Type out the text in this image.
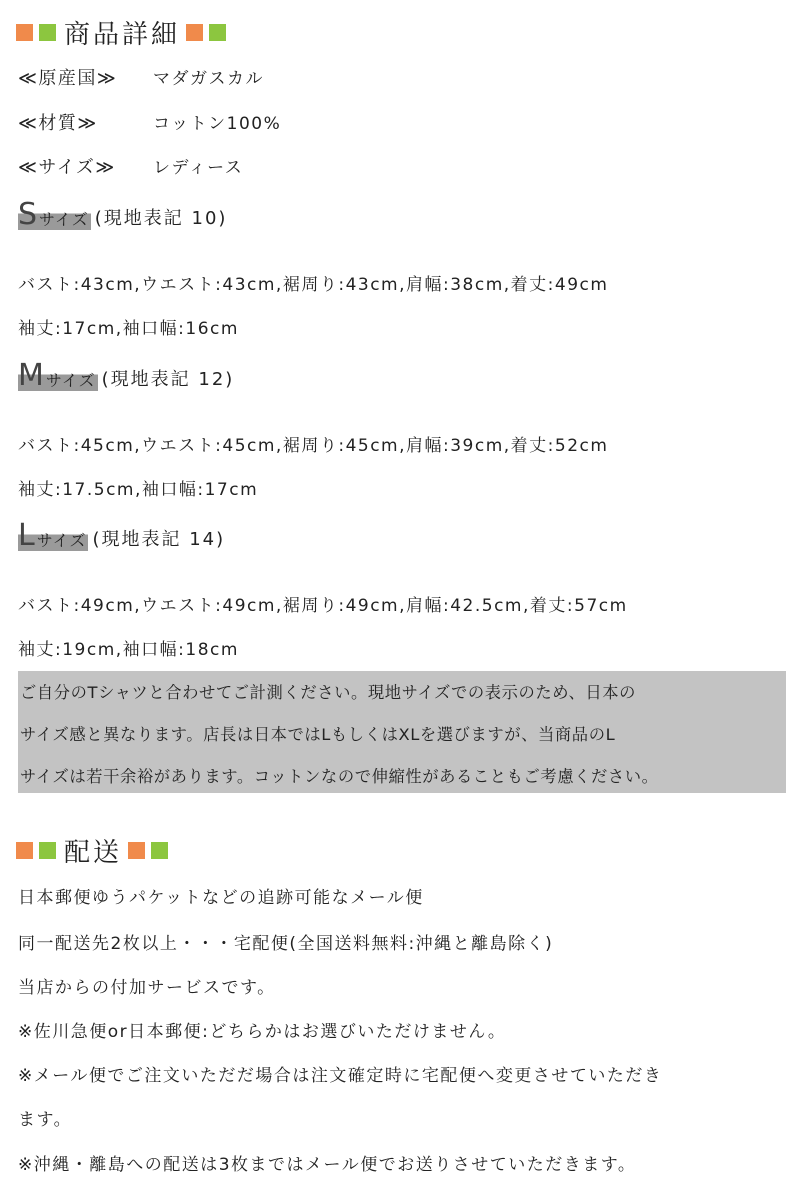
商品詳細
≪原産国≫ マダガスカル
≪材質≫	コットン100%
≪サイズ≫ レディース
S サイズ (現地表記 10)
バスト:43cm,ウエスト:43cm,裾周り:43cm,肩幅:38cm,着丈:49cm
袖丈:17cm,袖口幅:16cm
M サイズ (現地表記 12)
バスト:45cm,ウエスト:45cm,裾周り:45cm,肩幅:39cm,着丈:52cm
袖丈:17.5cm,袖口幅:17cm
L サイズ (現地表記 14)
バスト:49cm,ウエスト:49cm,裾周り:49cm,肩幅:42.5cm,着丈:57cm
袖丈:19cm,袖口幅:18cm
ご自分のTシャツと合わせてご計測ください。現地サイズでの表示のため、日本の
サイズ感と異なります。店長は日本ではLもしくはXLを選びますが、当商品のL
サイズは若干余裕があります。コットンなので伸縮性があることもご考慮ください。
配送
日本郵便ゆうパケットなどの追跡可能なメール便
同一配送先2枚以上・・・宅配便(全国送料無料:沖縄と離島除く)
当店からの付加サービスです。
※佐川急便or日本郵便:どちらかはお選びいただけません。
※メール便でご注文いただだ場合は注文確定時に宅配便へ変更させていただき
ます。
※沖縄・離島への配送は3枚まではメール便でお送りさせていただきます。
